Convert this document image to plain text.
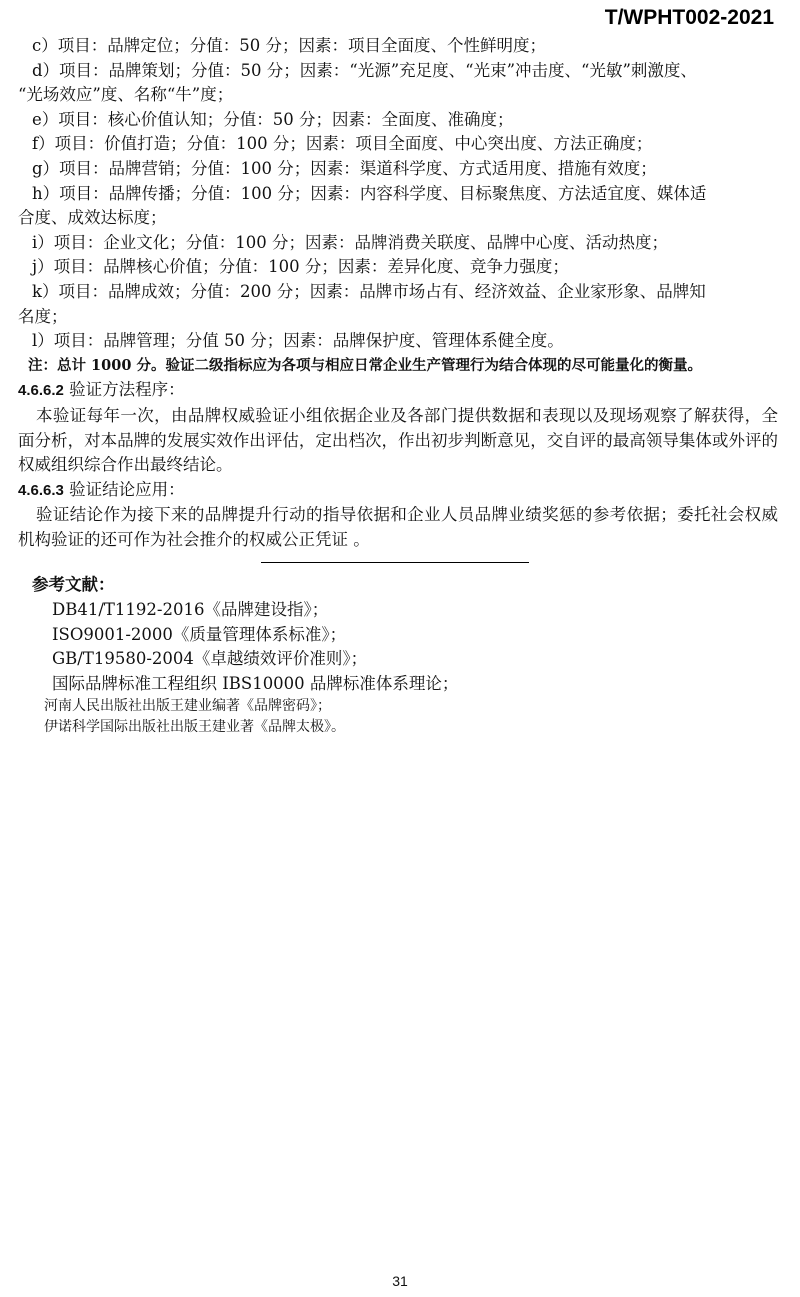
T/WPHT002-2021

c）项目：品牌定位；分值：50 分；因素：项目全面度、个性鲜明度；

d）项目：品牌策划；分值：50 分；因素：“光源”充足度、“光束”冲击度、“光敏”刺激度、

“光场效应”度、名称“牛”度；

e）项目：核心价值认知；分值：50 分；因素：全面度、准确度；

f）项目：价值打造；分值：100 分；因素：项目全面度、中心突出度、方法正确度；

g）项目：品牌营销；分值：100 分；因素：渠道科学度、方式适用度、措施有效度；

h）项目：品牌传播；分值：100 分；因素：内容科学度、目标聚焦度、方法适宜度、媒体适

合度、成效达标度；

i）项目：企业文化；分值：100 分；因素：品牌消费关联度、品牌中心度、活动热度；

j）项目：品牌核心价值；分值：100 分；因素：差异化度、竞争力强度；

k）项目：品牌成效；分值：200 分；因素：品牌市场占有、经济效益、企业家形象、品牌知

名度；

l）项目：品牌管理；分值 50 分；因素：品牌保护度、管理体系健全度。

注：总计 1000 分。验证二级指标应为各项与相应日常企业生产管理行为结合体现的尽可能量化的衡量。

4.6.6.2 验证方法程序：

本验证每年一次，由品牌权威验证小组依据企业及各部门提供数据和表现以及现场观察了解获得，全面分析，对本品牌的发展实效作出评估，定出档次，作出初步判断意见，交自评的最高领导集体或外评的权威组织综合作出最终结论。

4.6.6.3 验证结论应用：

验证结论作为接下来的品牌提升行动的指导依据和企业人员品牌业绩奖惩的参考依据；委托社会权威机构验证的还可作为社会推介的权威公正凭证 。

参考文献：

DB41/T1192-2016《品牌建设指》；

ISO9001-2000《质量管理体系标准》；

GB/T19580-2004《卓越绩效评价准则》；

国际品牌标准工程组织 IBS10000 品牌标准体系理论；

河南人民出版社出版王建业编著《品牌密码》；

伊诺科学国际出版社出版王建业著《品牌太极》。

31
